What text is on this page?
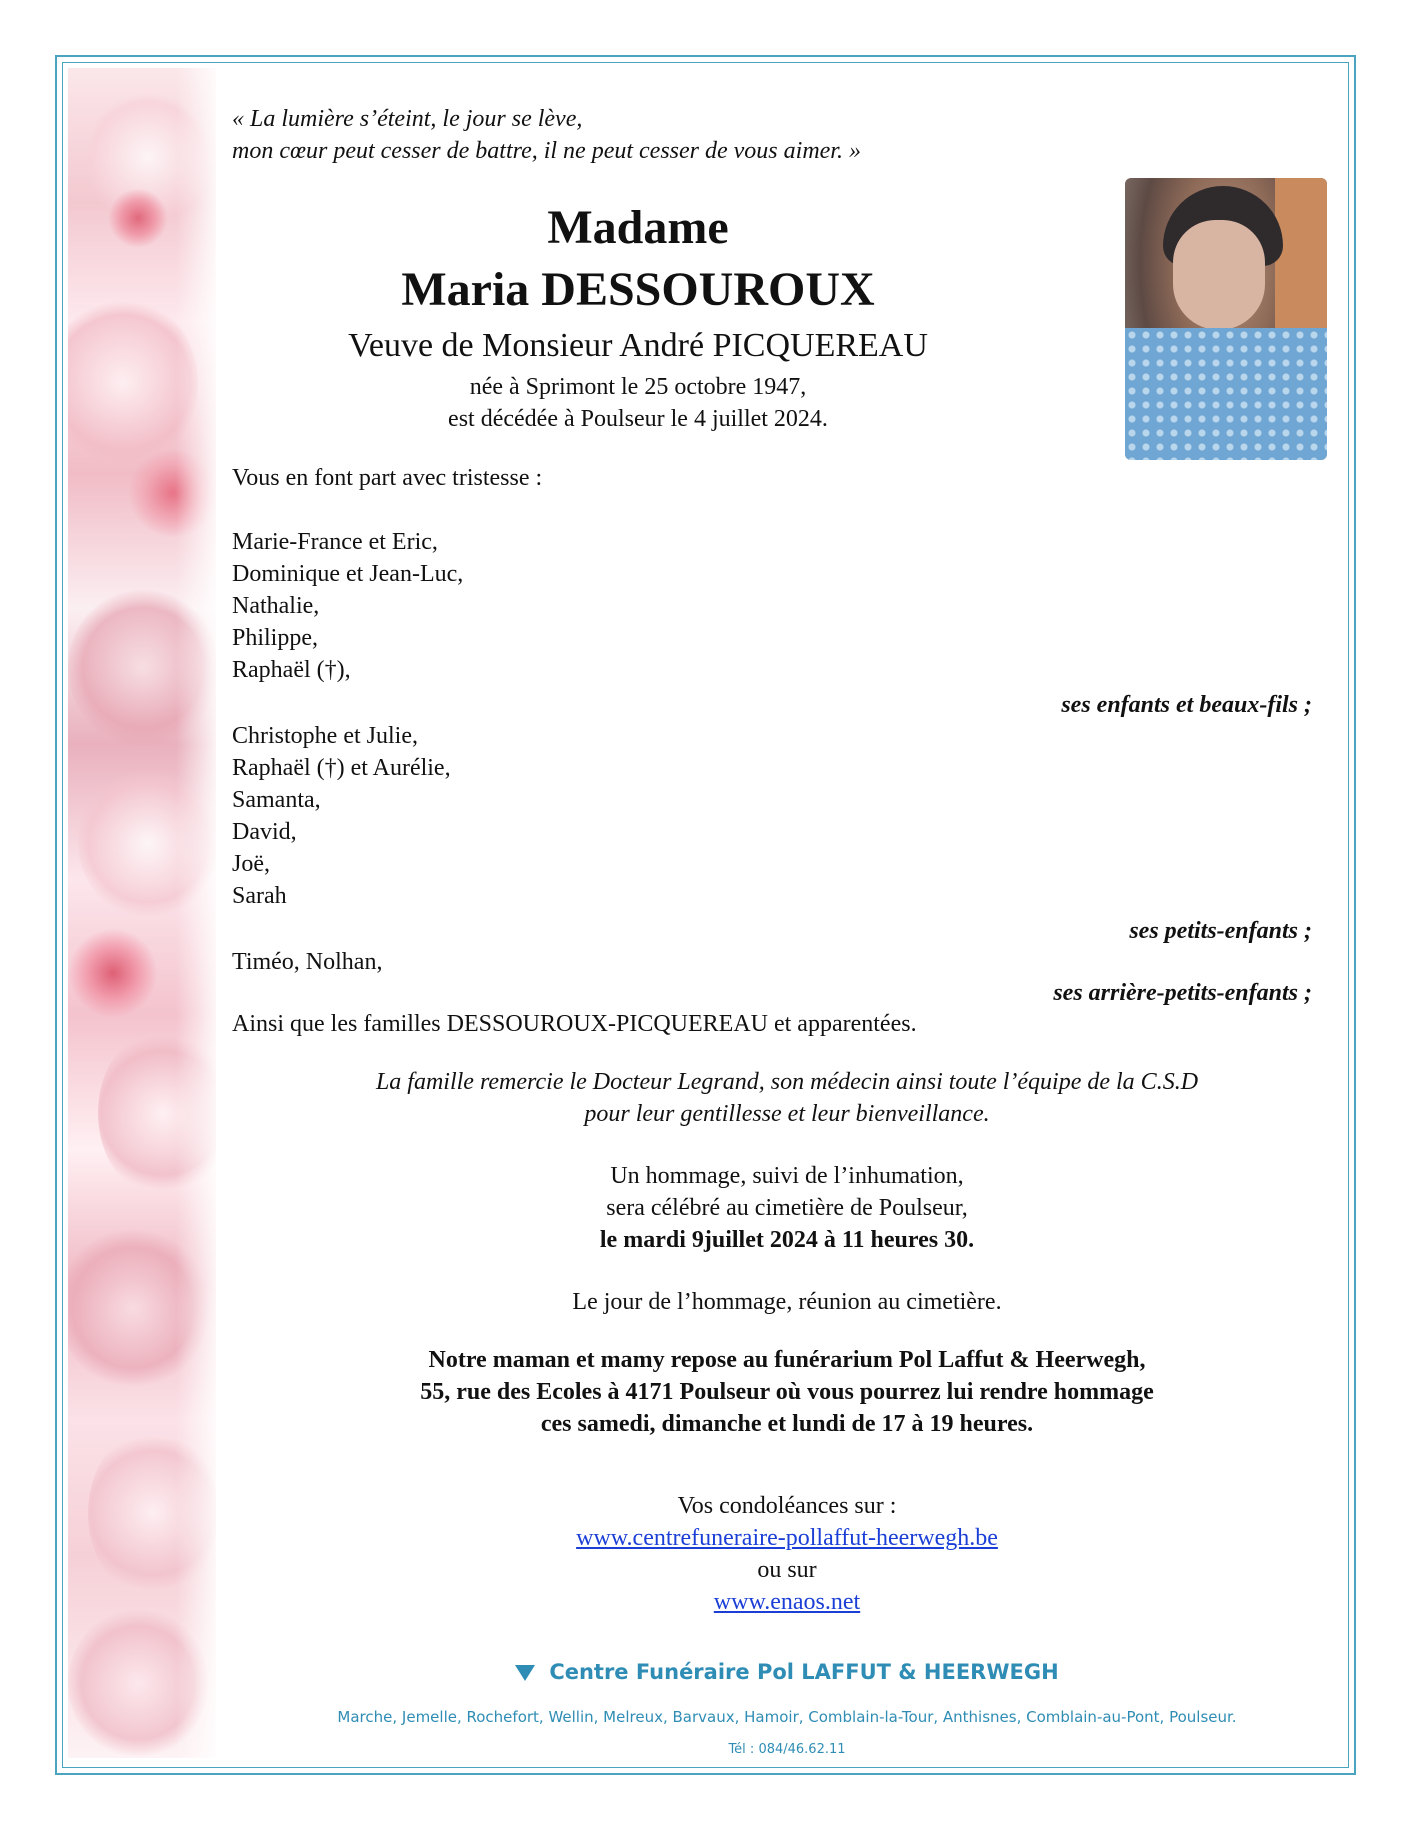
« La lumière s’éteint, le jour se lève,

mon cœur peut cesser de battre, il ne peut cesser de vous aimer. »

Madame

Maria DESSOUROUX

Veuve de Monsieur André PICQUEREAU

née à Sprimont le 25 octobre 1947,

est décédée à Poulseur le 4 juillet 2024.

Vous en font part avec tristesse :

Marie-France et Eric,
Dominique et Jean-Luc,
Nathalie,
Philippe,
Raphaël (†),

ses enfants et beaux-fils ;

Christophe et Julie,
Raphaël (†) et Aurélie,
Samanta,
David,
Joë,
Sarah

ses petits-enfants ;

Timéo, Nolhan,

ses arrière-petits-enfants ;

Ainsi que les familles DESSOUROUX-PICQUEREAU et apparentées.

La famille remercie le Docteur Legrand, son médecin ainsi toute l’équipe de la C.S.D

pour leur gentillesse et leur bienveillance.

Un hommage, suivi de l’inhumation,

sera célébré au cimetière de Poulseur,

le mardi 9juillet 2024 à 11 heures 30.

Le jour de l’hommage, réunion au cimetière.

Notre maman et mamy repose au funérarium Pol Laffut & Heerwegh,

55, rue des Ecoles à 4171 Poulseur où vous pourrez lui rendre hommage

ces samedi, dimanche et lundi de 17 à 19 heures.

Vos condoléances sur :

www.centrefuneraire-pollaffut-heerwegh.be

ou sur

www.enaos.net

Centre Funéraire Pol LAFFUT & HEERWEGH
Marche, Jemelle, Rochefort, Wellin, Melreux, Barvaux, Hamoir, Comblain-la-Tour, Anthisnes, Comblain-au-Pont, Poulseur.
Tél : 084/46.62.11
